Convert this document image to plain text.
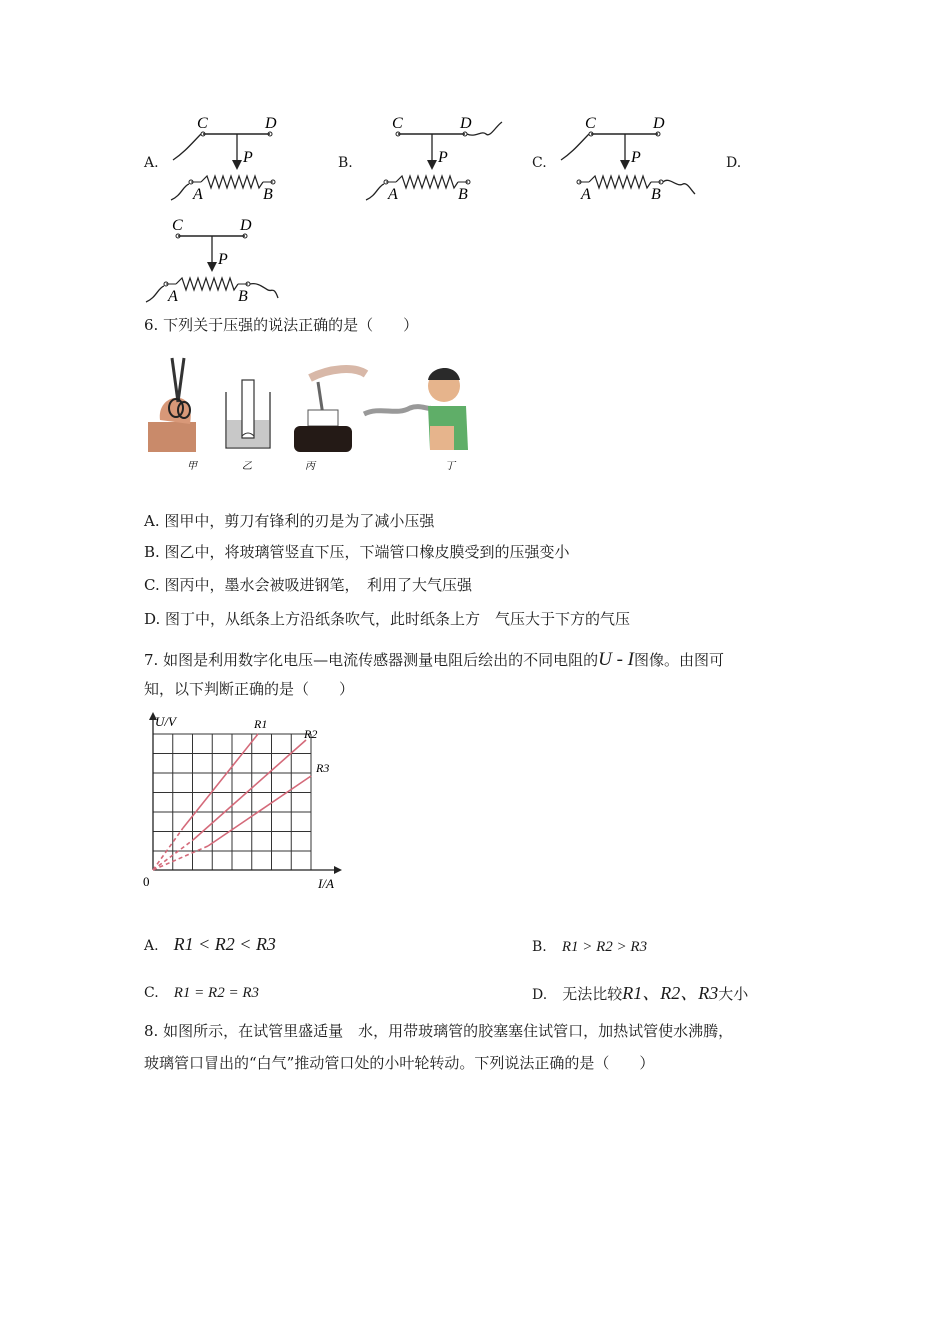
A.
C	D
P
A	B
B.
C	D
P
A	B
C.
C	D
P
A	B
D.
C	D
P
A	B
6. 下列关于压强的说法正确的是（　　）
甲	乙	丙	丁
A. 图甲中，剪刀有锋利的刃是为了减小压强
B. 图乙中，将玻璃管竖直下压，下端管口橡皮膜受到的压强变小
C. 图丙中，墨水会被吸进钢笔，　利用了大气压强
D. 图丁中，从纸条上方沿纸条吹气，此时纸条上方　气压大于下方的气压
7. 如图是利用数字化电压—电流传感器测量电阻后绘出的不同电阻的U - I图像。由图可
知，以下判断正确的是（　　）
U/V
I/A
0
R1
R2
R3
A. R1 < R2 < R3	B. R1 > R2 > R3
C. R1 = R2 = R3	D. 无法比较R1、R2、R3大小
8. 如图所示，在试管里盛适量　水，用带玻璃管的胶塞塞住试管口，加热试管使水沸腾，
玻璃管口冒出的“白气”推动管口处的小叶轮转动。下列说法正确的是（　　）
